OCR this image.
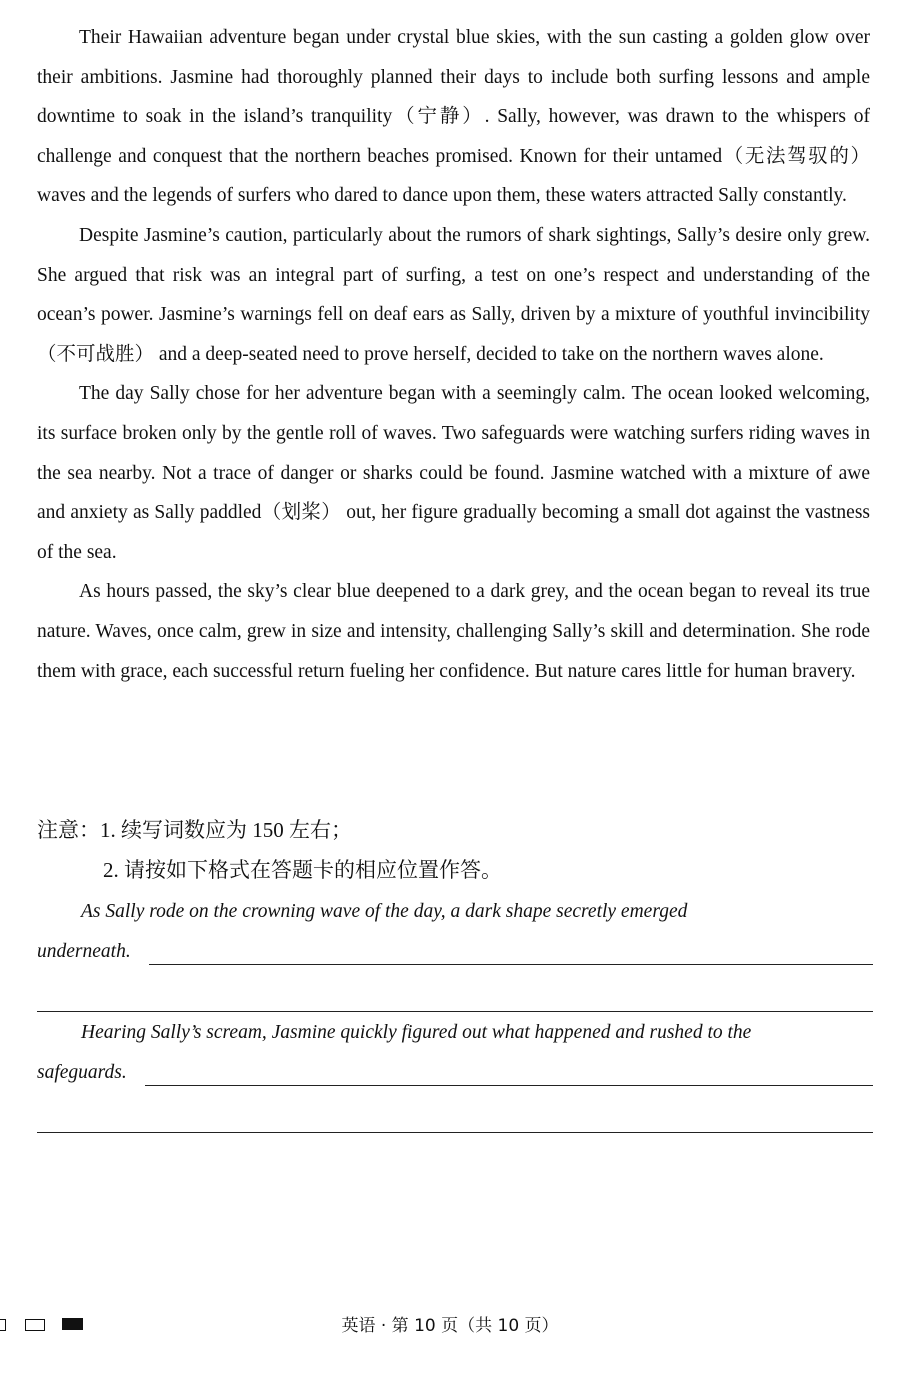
Their Hawaiian adventure began under crystal blue skies, with the sun casting a golden glow over their ambitions. Jasmine had thoroughly planned their days to include both surfing lessons and ample downtime to soak in the island’s tranquility（宁静）. Sally, however, was drawn to the whispers of challenge and conquest that the northern beaches promised. Known for their untamed（无法驾驭的） waves and the legends of surfers who dared to dance upon them, these waters attracted Sally constantly.

Despite Jasmine’s caution, particularly about the rumors of shark sightings, Sally’s desire only grew. She argued that risk was an integral part of surfing, a test on one’s respect and understanding of the ocean’s power. Jasmine’s warnings fell on deaf ears as Sally, driven by a mixture of youthful invincibility（不可战胜） and a deep-seated need to prove herself, decided to take on the northern waves alone.

The day Sally chose for her adventure began with a seemingly calm. The ocean looked welcoming, its surface broken only by the gentle roll of waves. Two safeguards were watching surfers riding waves in the sea nearby. Not a trace of danger or sharks could be found. Jasmine watched with a mixture of awe and anxiety as Sally paddled（划桨） out, her figure gradually becoming a small dot against the vastness of the sea.

As hours passed, the sky’s clear blue deepened to a dark grey, and the ocean began to reveal its true nature. Waves, once calm, grew in size and intensity, challenging Sally’s skill and determination. She rode them with grace, each successful return fueling her confidence. But nature cares little for human bravery.

注意：1. 续写词数应为 150 左右；

2. 请按如下格式在答题卡的相应位置作答。

As Sally rode on the crowning wave of the day, a dark shape secretly emerged

underneath.

Hearing Sally’s scream, Jasmine quickly figured out what happened and rushed to the

safeguards.
英语 · 第 10 页（共 10 页）
